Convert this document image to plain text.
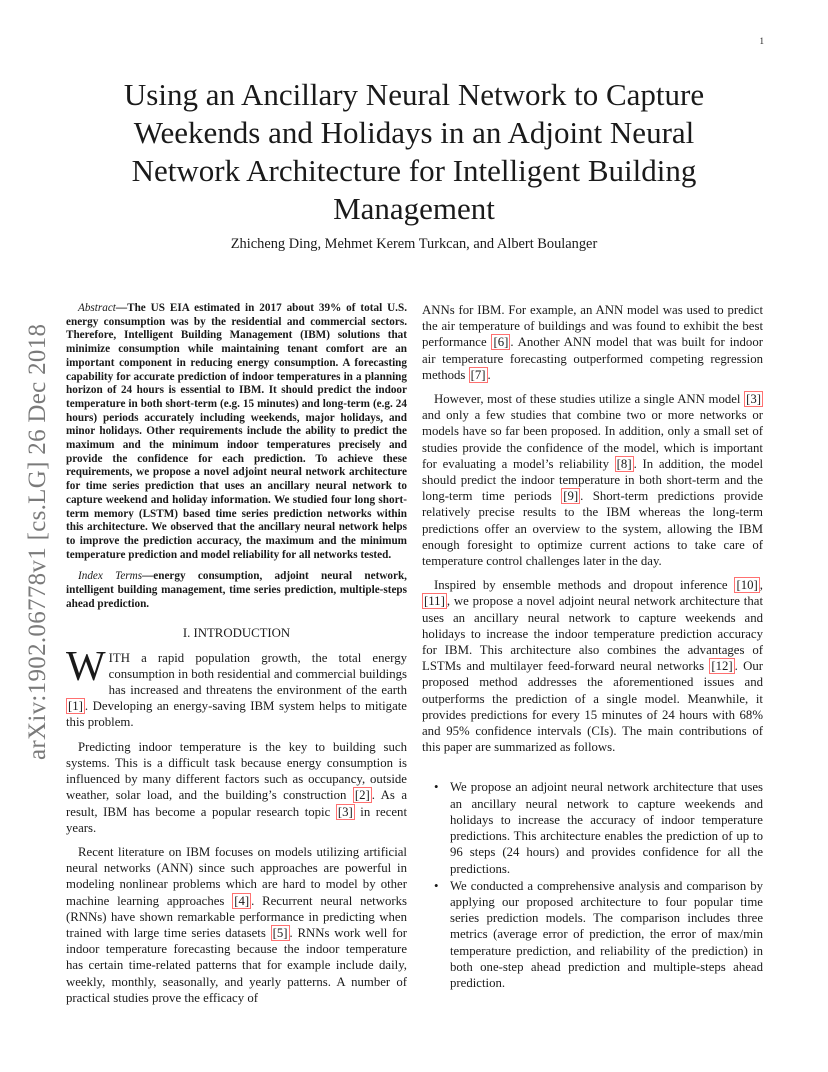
1
arXiv:1902.06778v1 [cs.LG] 26 Dec 2018
Using an Ancillary Neural Network to Capture Weekends and Holidays in an Adjoint Neural Network Architecture for Intelligent Building Management
Zhicheng Ding, Mehmet Kerem Turkcan, and Albert Boulanger

Abstract—The US EIA estimated in 2017 about 39% of total U.S. energy consumption was by the residential and commercial sectors. Therefore, Intelligent Building Management (IBM) solutions that minimize consumption while maintaining tenant comfort are an important component in reducing energy consumption. A forecasting capability for accurate prediction of indoor temperatures in a planning horizon of 24 hours is essential to IBM. It should predict the indoor temperature in both short-term (e.g. 15 minutes) and long-term (e.g. 24 hours) periods accurately including weekends, major holidays, and minor holidays. Other requirements include the ability to predict the maximum and the minimum indoor temperatures precisely and provide the confidence for each prediction. To achieve these requirements, we propose a novel adjoint neural network architecture for time series prediction that uses an ancillary neural network to capture weekend and holiday information. We studied four long short-term memory (LSTM) based time series prediction networks within this architecture. We observed that the ancillary neural network helps to improve the prediction accuracy, the maximum and the minimum temperature prediction and model reliability for all networks tested.

Index Terms—energy consumption, adjoint neural network, intelligent building management, time series prediction, multiple-steps ahead prediction.

I. INTRODUCTION

WITH a rapid population growth, the total energy consumption in both residential and commercial buildings has increased and threatens the environment of the earth [1] . Developing an energy-saving IBM system helps to mitigate this problem.

Predicting indoor temperature is the key to building such systems. This is a difficult task because energy consumption is influenced by many different factors such as occupancy, outside weather, solar load, and the building’s construction [2] . As a result, IBM has become a popular research topic [3] in recent years.

Recent literature on IBM focuses on models utilizing artificial neural networks (ANN) since such approaches are powerful in modeling nonlinear problems which are hard to model by other machine learning approaches [4] . Recurrent neural networks (RNNs) have shown remarkable performance in predicting when trained with large time series datasets [5] . RNNs work well for indoor temperature forecasting because the indoor temperature has certain time-related patterns that for example include daily, weekly, monthly, seasonally, and yearly patterns. A number of practical studies prove the efficacy of

ANNs for IBM. For example, an ANN model was used to predict the air temperature of buildings and was found to exhibit the best performance [6] . Another ANN model that was built for indoor air temperature forecasting outperformed competing regression methods [7] .

However, most of these studies utilize a single ANN model [3] and only a few studies that combine two or more networks or models have so far been proposed. In addition, only a small set of studies provide the confidence of the model, which is important for evaluating a model’s reliability [8] . In addition, the model should predict the indoor temperature in both short-term and the long-term time periods [9] . Short-term predictions provide relatively precise results to the IBM whereas the long-term predictions offer an overview to the system, allowing the IBM enough foresight to optimize current actions to take care of temperature control challenges later in the day.

Inspired by ensemble methods and dropout inference [10] , [11] , we propose a novel adjoint neural network architecture that uses an ancillary neural network to capture weekends and holidays to increase the indoor temperature prediction accuracy for IBM. This architecture also combines the advantages of LSTMs and multilayer feed-forward neural networks [12] . Our proposed method addresses the aforementioned issues and outperforms the prediction of a single model. Meanwhile, it provides predictions for every 15 minutes of 24 hours with 68% and 95% confidence intervals (CIs). The main contributions of this paper are summarized as follows.

• We propose an adjoint neural network architecture that uses an ancillary neural network to capture weekends and holidays to increase the accuracy of indoor temperature predictions. This architecture enables the prediction of up to 96 steps (24 hours) and provides confidence for all the predictions.
• We conducted a comprehensive analysis and comparison by applying our proposed architecture to four popular time series prediction models. The comparison includes three metrics (average error of prediction, the error of max/min temperature prediction, and reliability of the prediction) in both one-step ahead prediction and multiple-steps ahead prediction.
